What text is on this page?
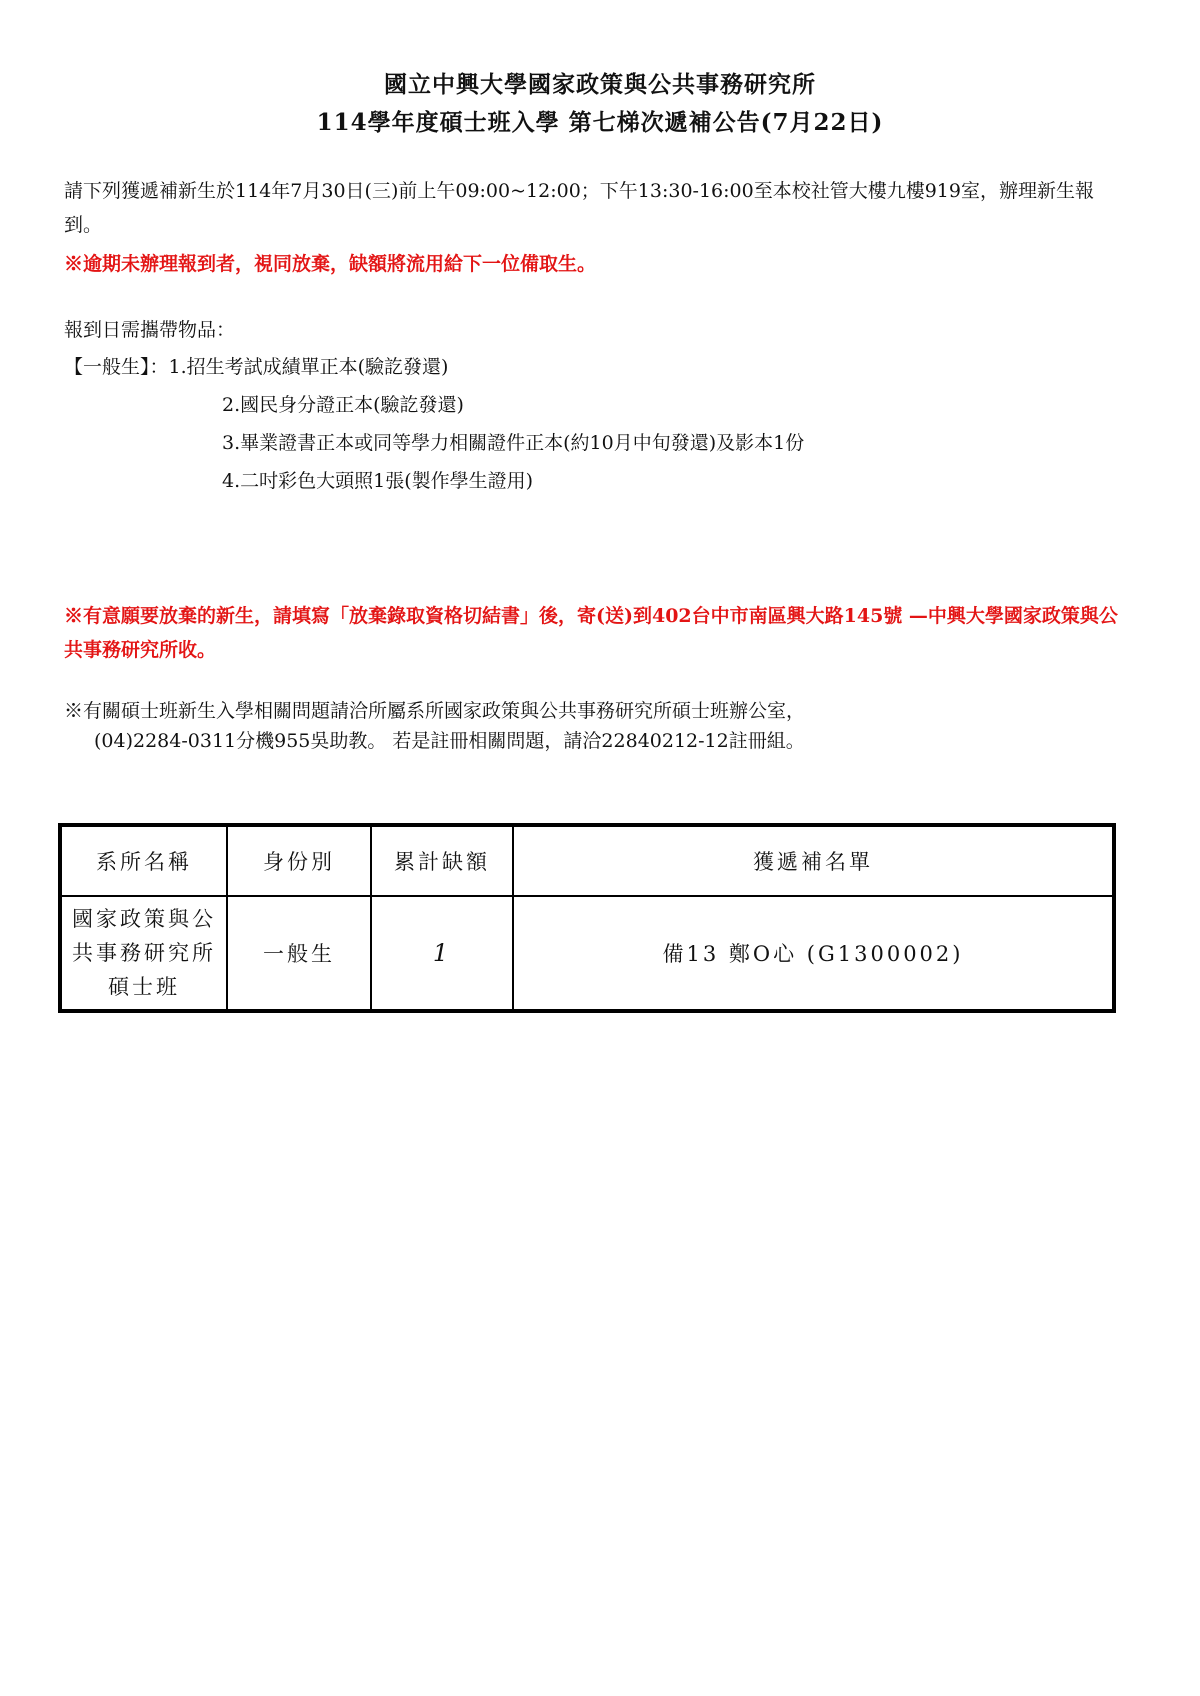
國立中興大學國家政策與公共事務研究所
114學年度碩士班入學 第七梯次遞補公告(7月22日)

請下列獲遞補新生於114年7月30日(三)前上午09:00~12:00；下午13:30-16:00至本校社管大樓九樓919室，辦理新生報到。

※逾期未辦理報到者，視同放棄，缺額將流用給下一位備取生。

報到日需攜帶物品：

【一般生】：1.招生考試成績單正本(驗訖發還)
2.國民身分證正本(驗訖發還)
3.畢業證書正本或同等學力相關證件正本(約10月中旬發還)及影本1份
4.二吋彩色大頭照1張(製作學生證用)

※有意願要放棄的新生，請填寫「放棄錄取資格切結書」後，寄(送)到402台中市南區興大路145號 —中興大學國家政策與公共事務研究所收。

※有關碩士班新生入學相關問題請洽所屬系所國家政策與公共事務研究所碩士班辦公室，

(04)2284-0311分機955吳助教。 若是註冊相關問題，請洽22840212-12註冊組。
系所名稱	身份別	累計缺額	獲遞補名單
國家政策與公共事務研究所碩士班	一般生	1	備13 鄭O心 (G1300002)
